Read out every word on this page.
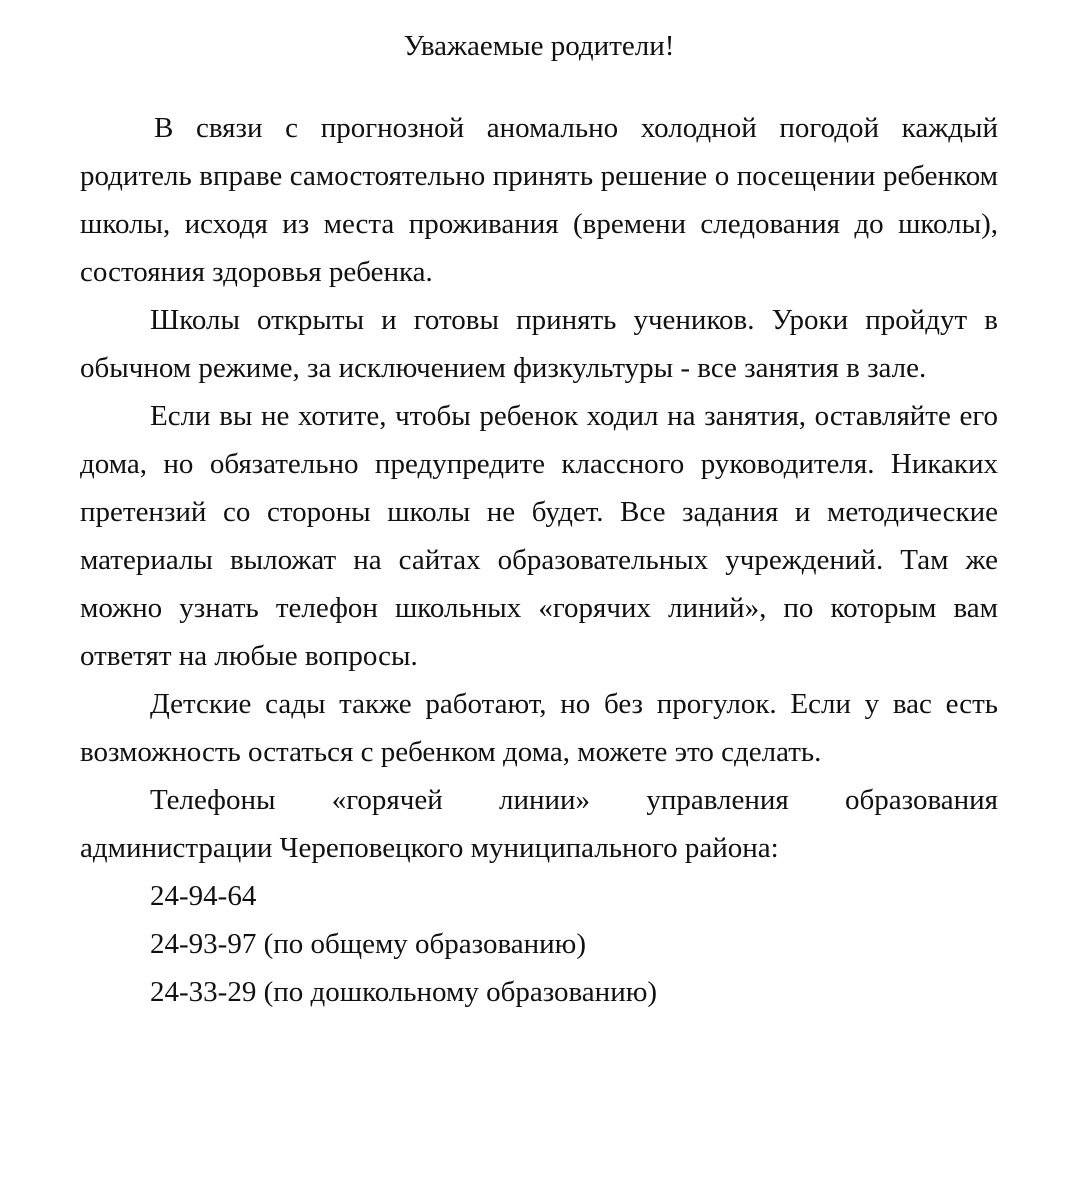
Уважаемые родители!

В связи с прогнозной аномально холодной погодой каждый родитель вправе самостоятельно принять решение о посещении ребенком школы, исходя из места проживания (времени следования до школы), состояния здоровья ребенка.

Школы открыты и готовы принять учеников. Уроки пройдут в обычном режиме, за исключением физкультуры - все занятия в зале.

Если вы не хотите, чтобы ребенок ходил на занятия, оставляйте его дома, но обязательно предупредите классного руководителя. Никаких претензий со стороны школы не будет. Все задания и методические материалы выложат на сайтах образовательных учреждений. Там же можно узнать телефон школьных «горячих линий», по которым вам ответят на любые вопросы.

Детские сады также работают, но без прогулок. Если у вас есть возможность остаться с ребенком дома, можете это сделать.

Телефоны «горячей линии» управления образования администрации Череповецкого муниципального района:

24-94-64
24-93-97 (по общему образованию)
24-33-29 (по дошкольному образованию)
